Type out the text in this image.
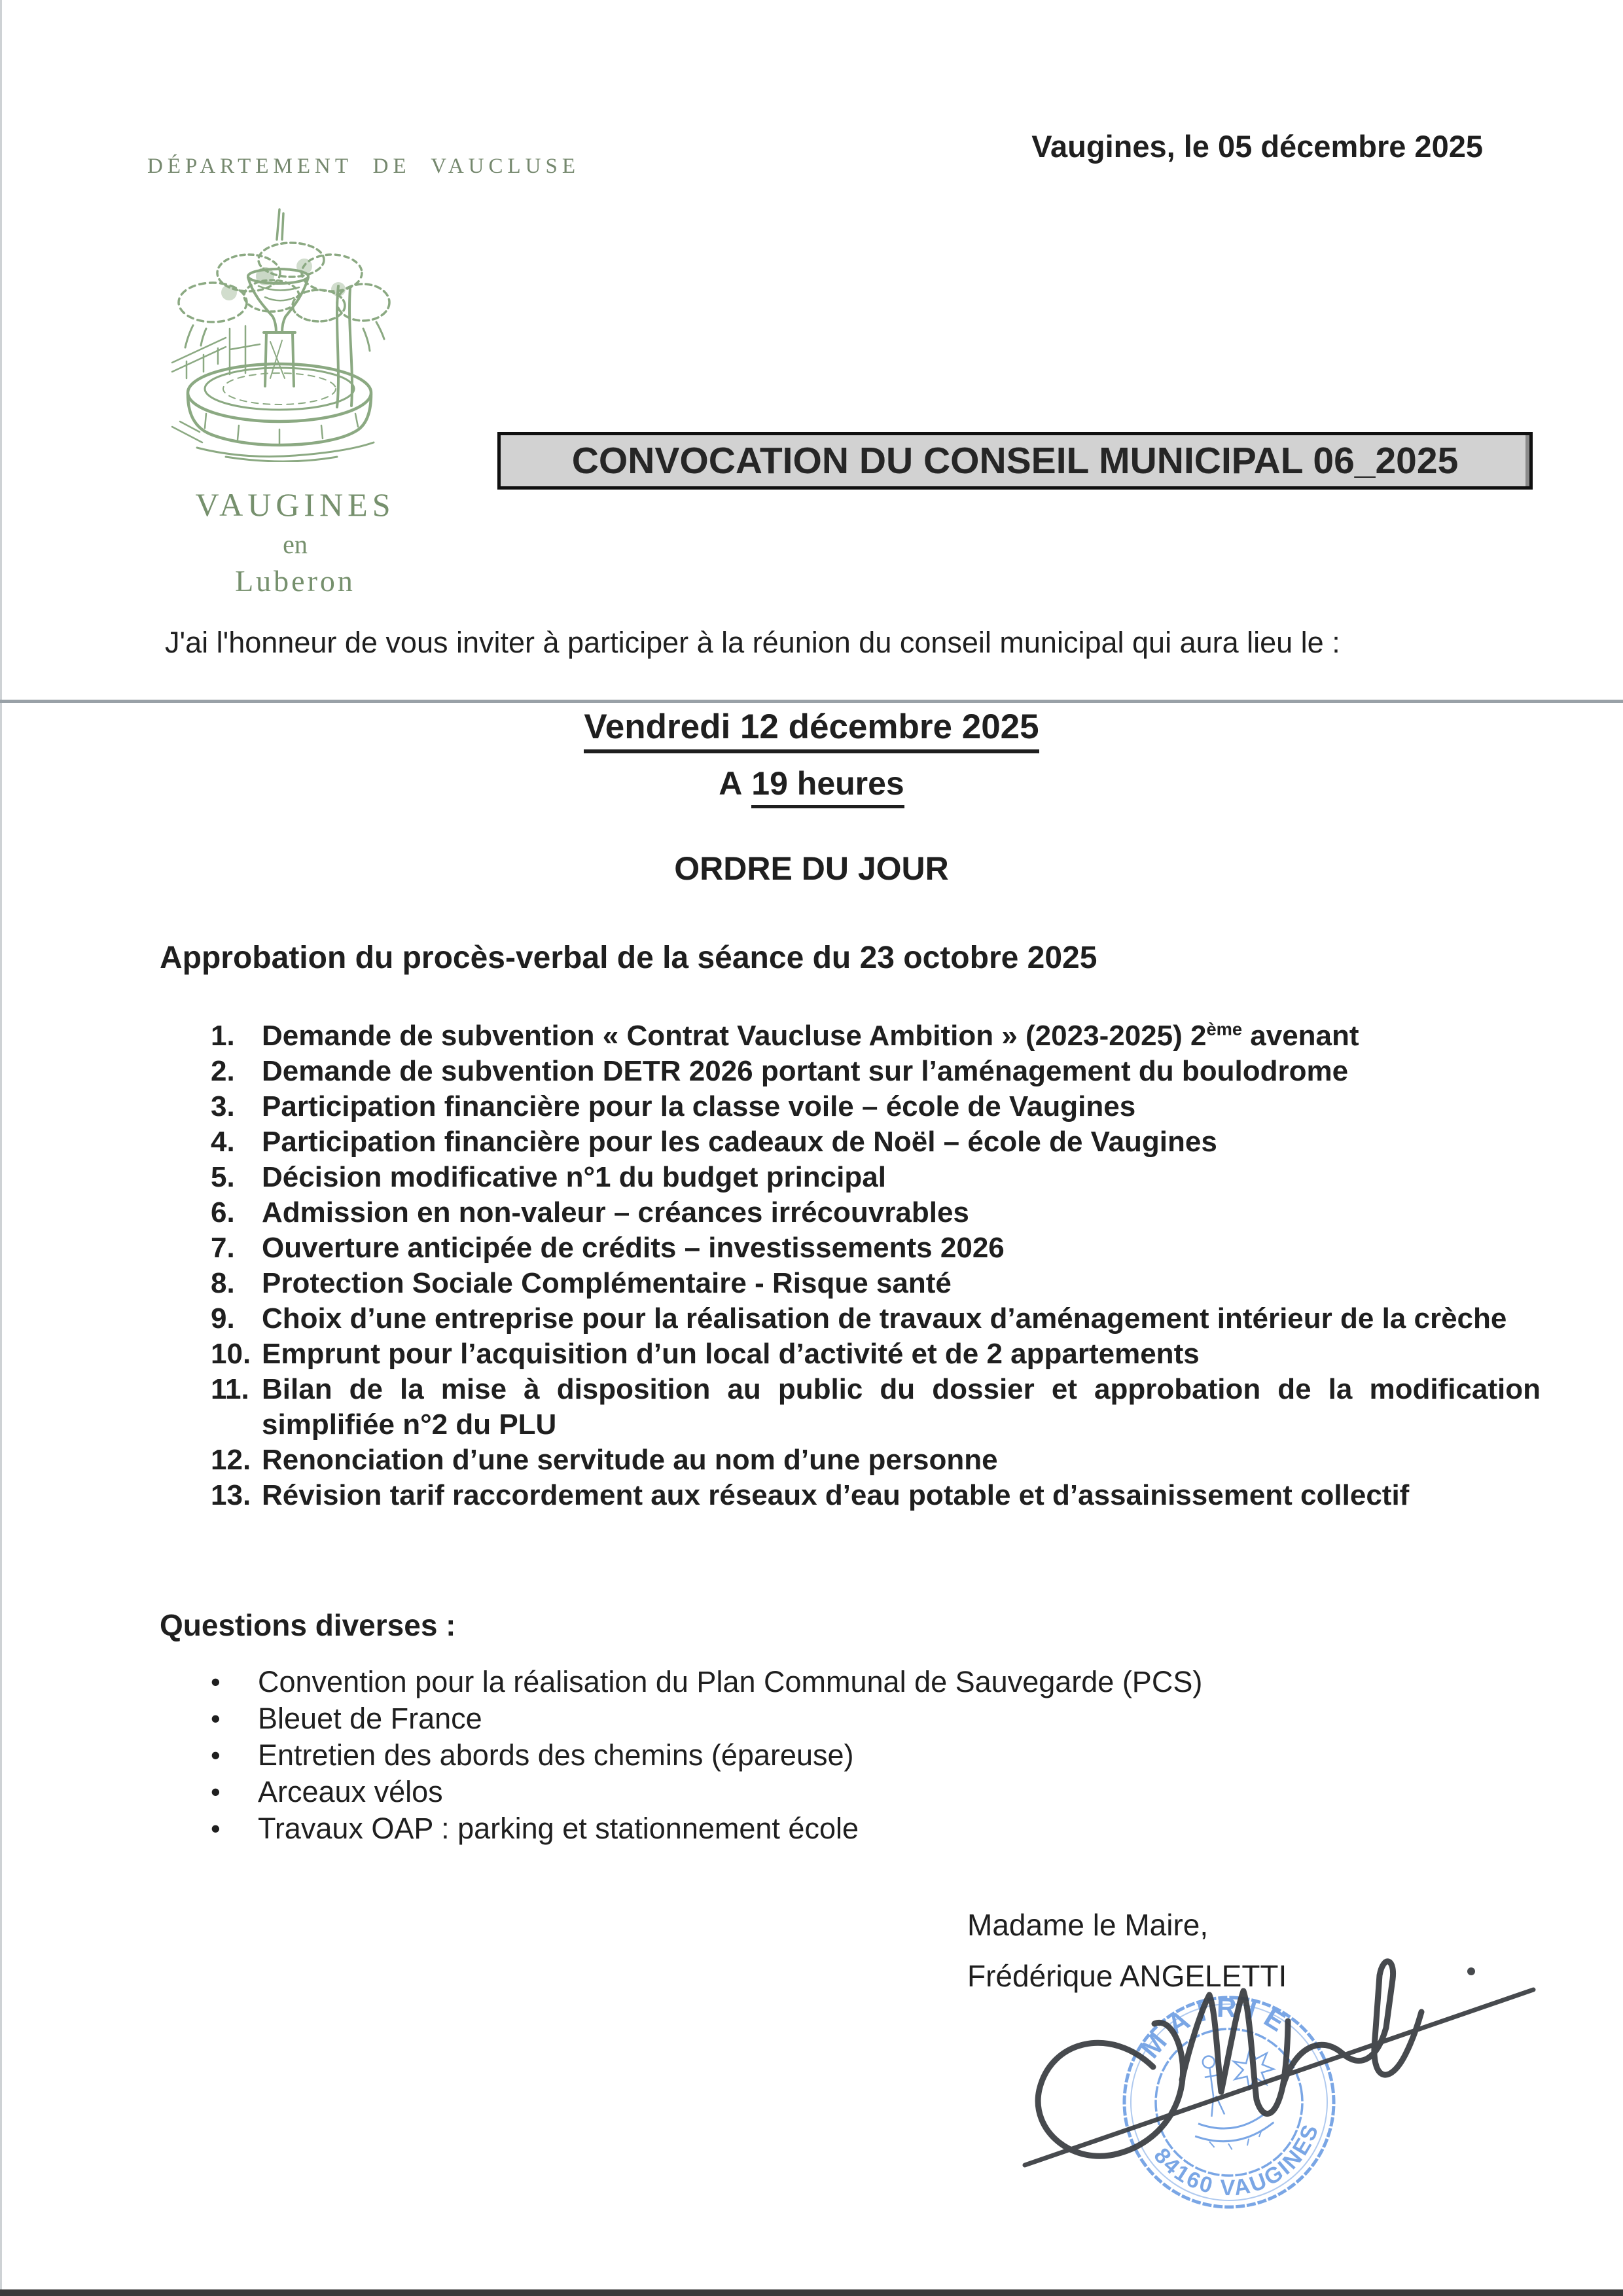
DÉPARTEMENT DE VAUCLUSE
Vaugines, le 05 décembre 2025
VAUGINES
en
Luberon
CONVOCATION DU CONSEIL MUNICIPAL 06_2025
J'ai l'honneur de vous inviter à participer à la réunion du conseil municipal qui aura lieu le :
Vendredi 12 décembre 2025
A 19 heures
ORDRE DU JOUR
Approbation du procès-verbal de la séance du 23 octobre 2025
1. Demande de subvention « Contrat Vaucluse Ambition » (2023-2025) 2ème avenant
2. Demande de subvention DETR 2026 portant sur l’aménagement du boulodrome
3. Participation financière pour la classe voile – école de Vaugines
4. Participation financière pour les cadeaux de Noël – école de Vaugines
5. Décision modificative n°1 du budget principal
6. Admission en non-valeur – créances irrécouvrables
7. Ouverture anticipée de crédits – investissements 2026
8. Protection Sociale Complémentaire - Risque santé
9. Choix d’une entreprise pour la réalisation de travaux d’aménagement intérieur de la crèche
10. Emprunt pour l’acquisition d’un local d’activité et de 2 appartements
11. Bilan de la mise à disposition au public du dossier et approbation de la modification
simplifiée n°2 du PLU
12. Renonciation d’une servitude au nom d’une personne
13. Révision tarif raccordement aux réseaux d’eau potable et d’assainissement collectif
Questions diverses :
•	Convention pour la réalisation du Plan Communal de Sauvegarde (PCS)
•	Bleuet de France
•	Entretien des abords des chemins (épareuse)
•	Arceaux vélos
•	Travaux OAP : parking et stationnement école
Madame le Maire,
Frédérique ANGELETTI
MAIRIE
84160 VAUGINES
